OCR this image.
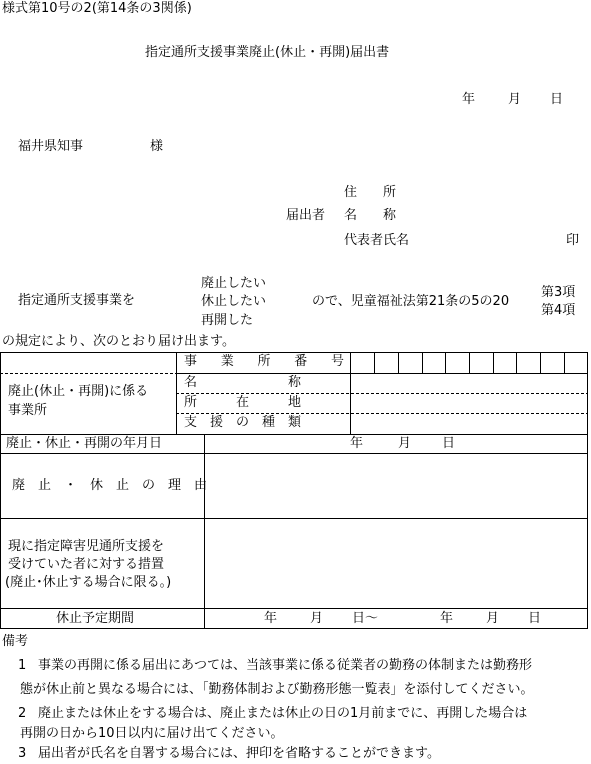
様式第10号の2(第14条の3関係)
指定通所支援事業廃止(休止・再開)届出書
年	月 日
福井県知事	様
住　　所
届出者 名　　称
代表者氏名	印
指定通所支援事業を
廃止したい
休止したい
再開した
ので、児童福祉法第21条の5の20
第3項
第4項
の規定により、次のとおり届け出ます。
事 業 所 番 号
廃止(休止・再開)に係る
事業所
名　　　　　　　称
所　　　在　　　地
支　援　の　種　類
廃止・休止・再開の年月日	年	月 日
廃　止　・　休　止　の　理　由
現に指定障害児通所支援を
受けていた者に対する措置
(廃止･休止する場合に限る。)
休止予定期間	年	月 日～	年	月 日
備考
1 事業の再開に係る届出にあつては、当該事業に係る従業者の勤務の体制または勤務形
態が休止前と異なる場合には、「勤務体制および勤務形態一覧表」を添付してください。
2 廃止または休止をする場合は、廃止または休止の日の1月前までに、再開した場合は
再開の日から10日以内に届け出てください。
3 届出者が氏名を自署する場合には、押印を省略することができます。
